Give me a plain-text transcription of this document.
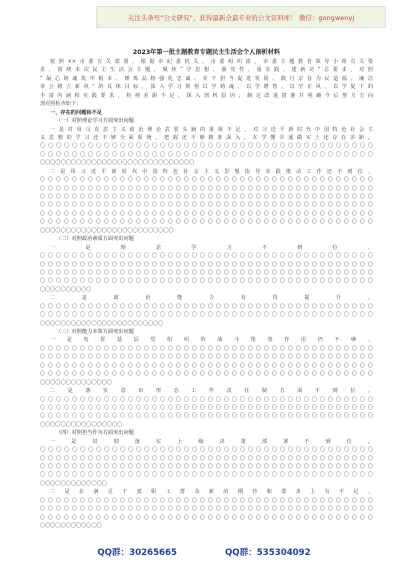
关注头条号“公文研究”，获得最新全最专业的公文资料库！ 微信：gongwenyj
2023年第一批主题教育专题民主生活会个人剖析材料
按照××市委有关部署，根据市纪委机关、市委组织部、市委主题教育领导小组有关要
求，围绕本次民主生活会主题，聚焦“学思想、强党性、重实践、建新功”总要求，对照
“凝心铸魂筑牢根本、锤炼品格强化忠诚、实干担当促进发展、践行宗旨为民造福、廉洁
奉公树立新风”的具体目标，深入学习领悟以学铸魂、以学增智、以学正风、以学促干的
丰富内涵和实践要求，检视差距不足，深入剖析原因，制定改进措施并明确今后努力方向
现对照检查如下：
一、存在的问题和不足
（一）对照理论学习方面突出问题
一是对用马克思主义政治理论武装头脑的重视不足。对习近平新时代中国特色社会主
义思想的学习还不够全面系统，把握还不够精准深入，在学懂弄通做实上还存在差距。
〇〇〇〇〇〇〇〇〇〇〇〇〇〇〇〇〇〇〇〇〇〇〇〇〇〇〇〇〇〇〇〇〇〇〇〇〇〇〇〇〇〇
〇〇〇〇〇〇〇〇〇〇〇〇〇〇〇〇〇〇〇〇〇〇〇〇〇〇〇〇〇〇〇〇〇〇〇〇〇〇〇〇〇〇
〇〇〇〇〇〇〇〇〇〇〇〇〇〇〇〇〇〇〇〇〇〇〇〇〇〇〇〇〇〇
二是用习近平新时代中国特色社会主义思想指导实践推动工作还不到位。
〇〇〇〇〇〇〇〇〇〇〇〇〇〇〇〇〇〇〇〇〇〇〇〇〇〇〇〇〇〇〇〇〇〇〇〇〇〇〇〇〇〇
〇〇〇〇〇〇〇〇〇〇〇〇〇〇〇〇〇〇〇〇〇〇〇〇〇〇〇〇〇〇〇〇〇〇〇〇〇〇〇〇〇〇
〇〇〇〇〇〇〇〇〇〇〇〇〇〇〇〇〇〇〇〇〇〇〇〇〇〇〇〇〇〇〇〇〇〇〇〇〇〇〇〇〇〇
〇〇〇〇〇〇〇〇〇〇〇〇〇〇〇〇〇〇〇〇〇〇〇〇〇〇〇〇〇〇〇〇〇〇〇〇〇〇〇〇〇〇
〇〇〇〇〇〇〇〇〇〇〇〇〇〇〇〇〇〇〇〇〇〇〇〇〇〇〇〇〇〇〇〇〇〇〇〇〇〇〇〇〇〇
〇〇〇〇〇〇〇〇〇〇〇〇〇〇〇〇〇〇〇〇〇〇〇〇〇〇〇〇〇〇〇〇〇〇〇〇〇〇〇〇〇〇
〇〇〇〇〇〇〇〇〇〇〇〇〇〇〇〇〇〇〇〇〇〇〇〇〇〇
（二）对照政治素质方面突出问题
一是理论学习不到位。
〇〇〇〇〇〇〇〇〇〇〇〇〇〇〇〇〇〇〇〇〇〇〇〇〇〇〇〇〇〇〇〇〇〇〇〇〇〇〇〇〇〇
〇〇〇〇〇〇〇〇〇〇〇〇〇〇〇〇〇〇〇〇〇〇〇〇〇〇〇〇〇〇〇〇〇〇〇〇〇〇〇〇〇〇
〇〇〇〇〇〇〇〇〇〇〇〇〇〇〇〇〇〇〇〇〇〇〇〇〇〇〇〇〇〇〇〇〇〇〇〇〇〇〇〇〇〇
〇〇〇〇〇〇〇〇〇〇〇〇〇〇〇〇〇〇〇〇〇〇〇〇〇〇〇〇〇〇〇〇〇〇〇〇〇〇〇〇〇〇
〇〇〇〇〇〇〇〇〇〇
二是政治能力有待提升。
〇〇〇〇〇〇〇〇〇〇〇〇〇〇〇〇〇〇〇〇〇〇〇〇〇〇〇〇〇〇〇〇〇〇〇〇〇〇〇〇〇〇
〇〇〇〇〇〇〇〇〇〇〇〇〇〇〇〇〇〇〇〇〇〇〇〇〇〇〇〇〇〇〇〇〇〇〇〇〇〇〇〇〇〇
〇〇〇〇〇〇〇〇〇〇〇〇〇〇〇〇〇〇〇〇〇〇〇〇
（三）对照能力本领方面突出问题
一是发挥基层党组织的战斗堡垒作用仍不够。
〇〇〇〇〇〇〇〇〇〇〇〇〇〇〇〇〇〇〇〇〇〇〇〇〇〇〇〇〇〇〇〇〇〇〇〇〇〇〇〇〇〇
〇〇〇〇〇〇〇〇〇〇〇〇〇〇〇〇〇〇〇〇〇〇〇〇〇〇〇〇〇〇〇〇〇〇〇〇〇〇〇〇〇〇
〇〇〇〇〇〇〇〇〇〇〇〇〇〇〇〇〇〇〇〇〇〇〇〇〇〇〇〇〇〇〇〇〇〇〇〇〇〇〇〇〇〇
〇〇〇〇〇〇〇〇〇〇〇〇〇〇〇〇〇〇〇〇〇〇〇〇〇〇〇〇〇〇〇〇〇〇〇〇〇〇〇〇〇〇
〇〇〇〇〇〇〇〇〇〇〇〇〇〇
二是落实意识形态工作责任制方面不到位。
〇〇〇〇〇〇〇〇〇〇〇〇〇〇〇〇〇〇〇〇〇〇〇〇〇〇〇〇〇〇〇〇〇〇〇〇〇〇〇〇〇〇
〇〇〇〇〇〇〇〇〇〇〇〇〇〇〇〇〇〇〇〇〇〇〇〇〇〇〇〇〇〇〇〇〇〇〇〇〇〇〇〇〇〇
〇〇〇〇〇〇〇〇〇〇〇〇〇〇〇〇〇〇〇〇〇〇〇〇〇〇〇〇〇〇〇〇〇〇〇〇〇〇〇〇〇〇
〇〇〇〇〇〇〇〇〇〇〇〇〇〇〇〇
（四）对照担当作为方面突出问题
一是贯彻落实上级决策部署不到位。
〇〇〇〇〇〇〇〇〇〇〇〇〇〇〇〇〇〇〇〇〇〇〇〇〇〇〇〇〇〇〇〇〇〇〇〇〇〇〇〇〇〇
〇〇〇〇〇〇〇〇〇〇〇〇〇〇〇〇〇〇〇〇〇〇〇〇〇〇〇〇〇〇〇〇〇〇〇〇〇〇〇〇〇〇
〇〇〇〇〇〇〇〇〇〇〇〇〇〇〇〇〇〇〇〇〇〇〇〇〇〇〇〇〇〇〇〇〇〇〇〇〇〇〇〇〇〇
〇〇〇〇〇〇〇〇〇〇〇〇〇〇〇〇〇〇〇〇〇〇〇〇〇〇〇〇〇〇〇〇〇〇〇〇〇〇〇〇〇〇
〇〇〇〇〇〇〇〇〇〇〇〇〇
二是在满足干部职工群众新的期待和要求上有不足。
〇〇〇〇〇〇〇〇〇〇〇〇〇〇〇〇〇〇〇〇〇〇〇〇〇〇〇〇〇〇〇〇〇〇〇〇〇〇〇〇〇〇
〇〇〇〇〇〇〇〇〇〇〇〇〇〇〇〇〇〇〇〇〇〇〇〇〇〇〇〇〇〇〇〇〇〇〇〇〇〇〇〇〇〇
〇〇〇〇〇〇〇〇〇〇〇〇〇〇〇〇〇〇〇〇〇〇〇〇〇〇〇〇〇〇〇〇〇〇〇〇〇〇〇〇〇〇
〇〇〇〇〇〇〇〇〇〇〇〇
QQ群：30265665	QQ群：535304092
